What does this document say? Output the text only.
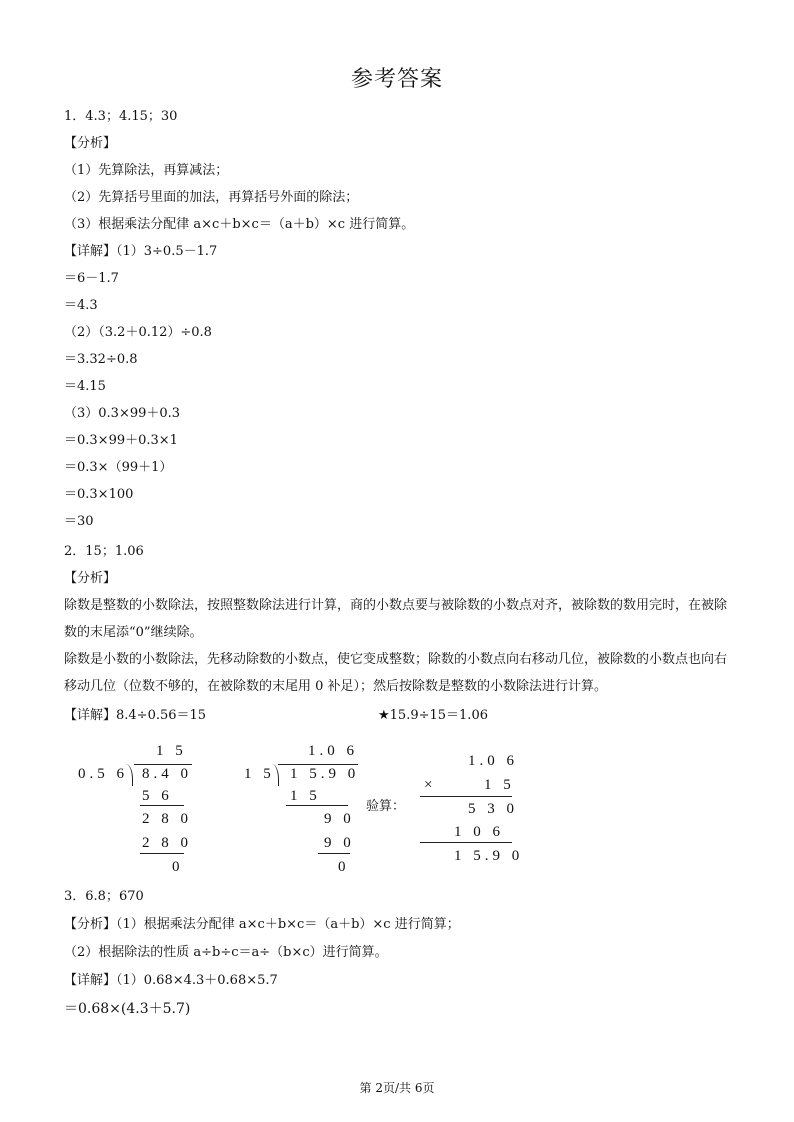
参考答案
1．4.3；4.15；30
【分析】
（1）先算除法，再算减法；
（2）先算括号里面的加法，再算括号外面的除法；
（3）根据乘法分配律 a×c＋b×c＝（a＋b）×c 进行简算。
【详解】（1）3÷0.5－1.7
＝6－1.7
＝4.3
（2）（3.2＋0.12）÷0.8
＝3.32÷0.8
＝4.15
（3）0.3×99＋0.3
＝0.3×99＋0.3×1
＝0.3×（99＋1）
＝0.3×100
＝30
2．15；1.06
【分析】
除数是整数的小数除法，按照整数除法进行计算，商的小数点要与被除数的小数点对齐，被除数的数用完时，在被除数的末尾添“0”继续除。
除数是小数的小数除法，先移动除数的小数点，使它变成整数；除数的小数点向右移动几位，被除数的小数点也向右移动几位（位数不够的，在被除数的末尾用 0 补足）；然后按除数是整数的小数除法进行计算。
【详解】8.4÷0.56＝15	★15.9÷15＝1.06
1 5
0.5 6 8.4 0
5 6
2 8 0
2 8 0
0
1.0 6
1 5 1 5.9 0
1 5
9 0
9 0
0
验算：
1.0 6
×	1 5
5 3 0
1 0 6
1 5.9 0
3．6.8；670
【分析】（1）根据乘法分配律 a×c＋b×c＝（a＋b）×c 进行简算；
（2）根据除法的性质 a÷b÷c＝a÷（b×c）进行简算。
【详解】（1）0.68×4.3＋0.68×5.7
＝0.68×(4.3＋5.7)
第 2页/共 6页
